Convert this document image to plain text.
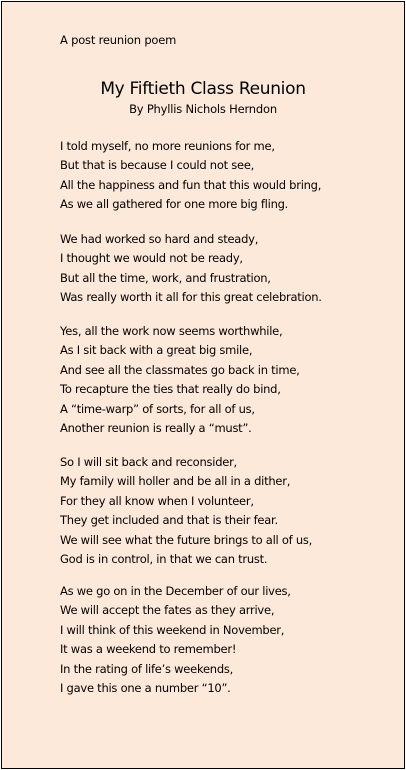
A post reunion poem
My Fiftieth Class Reunion
By Phyllis Nichols Herndon
I told myself, no more reunions for me,
But that is because I could not see,
All the happiness and fun that this would bring,
As we all gathered for one more big fling.
We had worked so hard and steady,
I thought we would not be ready,
But all the time, work, and frustration,
Was really worth it all for this great celebration.
Yes, all the work now seems worthwhile,
As I sit back with a great big smile,
And see all the classmates go back in time,
To recapture the ties that really do bind,
A “time-warp” of sorts, for all of us,
Another reunion is really a “must”.
So I will sit back and reconsider,
My family will holler and be all in a dither,
For they all know when I volunteer,
They get included and that is their fear.
We will see what the future brings to all of us,
God is in control, in that we can trust.
As we go on in the December of our lives,
We will accept the fates as they arrive,
I will think of this weekend in November,
It was a weekend to remember!
In the rating of life’s weekends,
I gave this one a number “10”.
